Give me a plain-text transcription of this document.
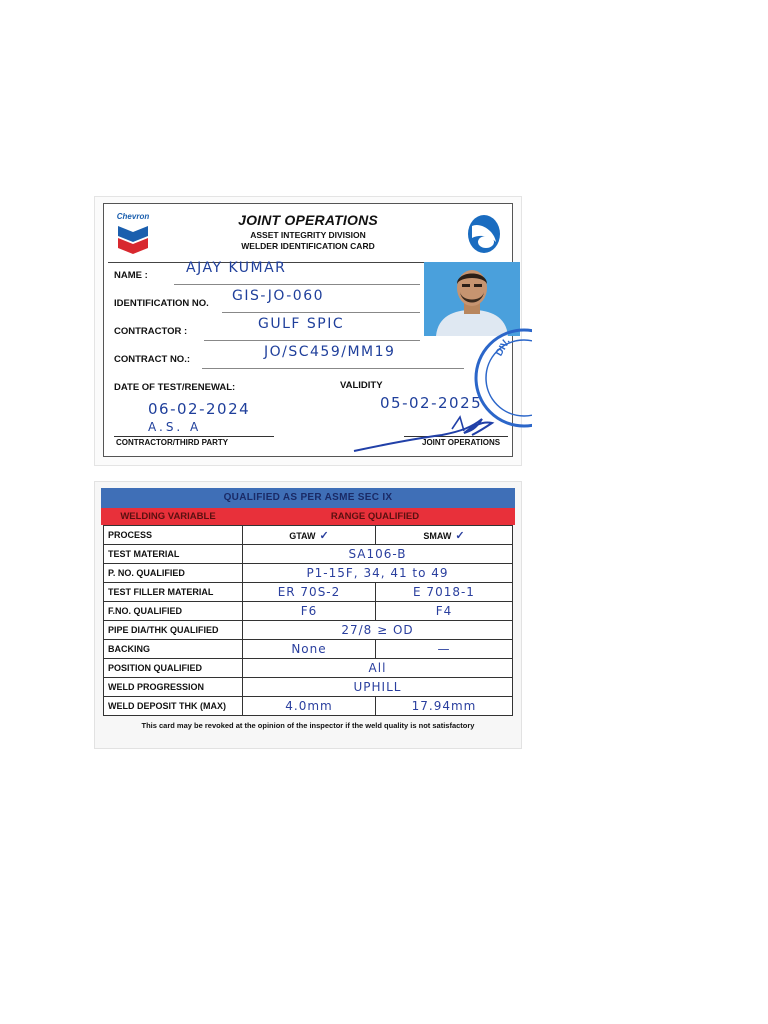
Chevron	JOINT OPERATIONS
ASSET INTEGRITY DIVISION
WELDER IDENTIFICATION CARD
NAME :	AJAY KUMAR
IDENTIFICATION NO. GIS-JO-060
CONTRACTOR :	GULF SPIC
CONTRACT NO.:	JO/SC459/MM19
DATE OF TEST/RENEWAL:	VALIDITY
06-02-2024	05-02-2025
A.S. A
CONTRACTOR/THIRD PARTY	JOINT OPERATIONS
DIV.
QUALIFIED AS PER ASME SEC IX
WELDING VARIABLE	RANGE QUALIFIED
PROCESS	GTAW ✓	SMAW ✓
TEST MATERIAL	SA106-B	
P. NO. QUALIFIED	P1-15F, 34, 41 to 49	
TEST FILLER MATERIAL	ER 70S-2	E 7018-1
F.NO. QUALIFIED	F6	F4
PIPE DIA/THK QUALIFIED	27/8 ≥ OD	
BACKING	None	—
POSITION QUALIFIED	All	
WELD PROGRESSION	UPHILL	
WELD DEPOSIT THK (MAX)	4.0mm	17.94mm
This card may be revoked at the opinion of the inspector if the weld quality is not satisfactory
